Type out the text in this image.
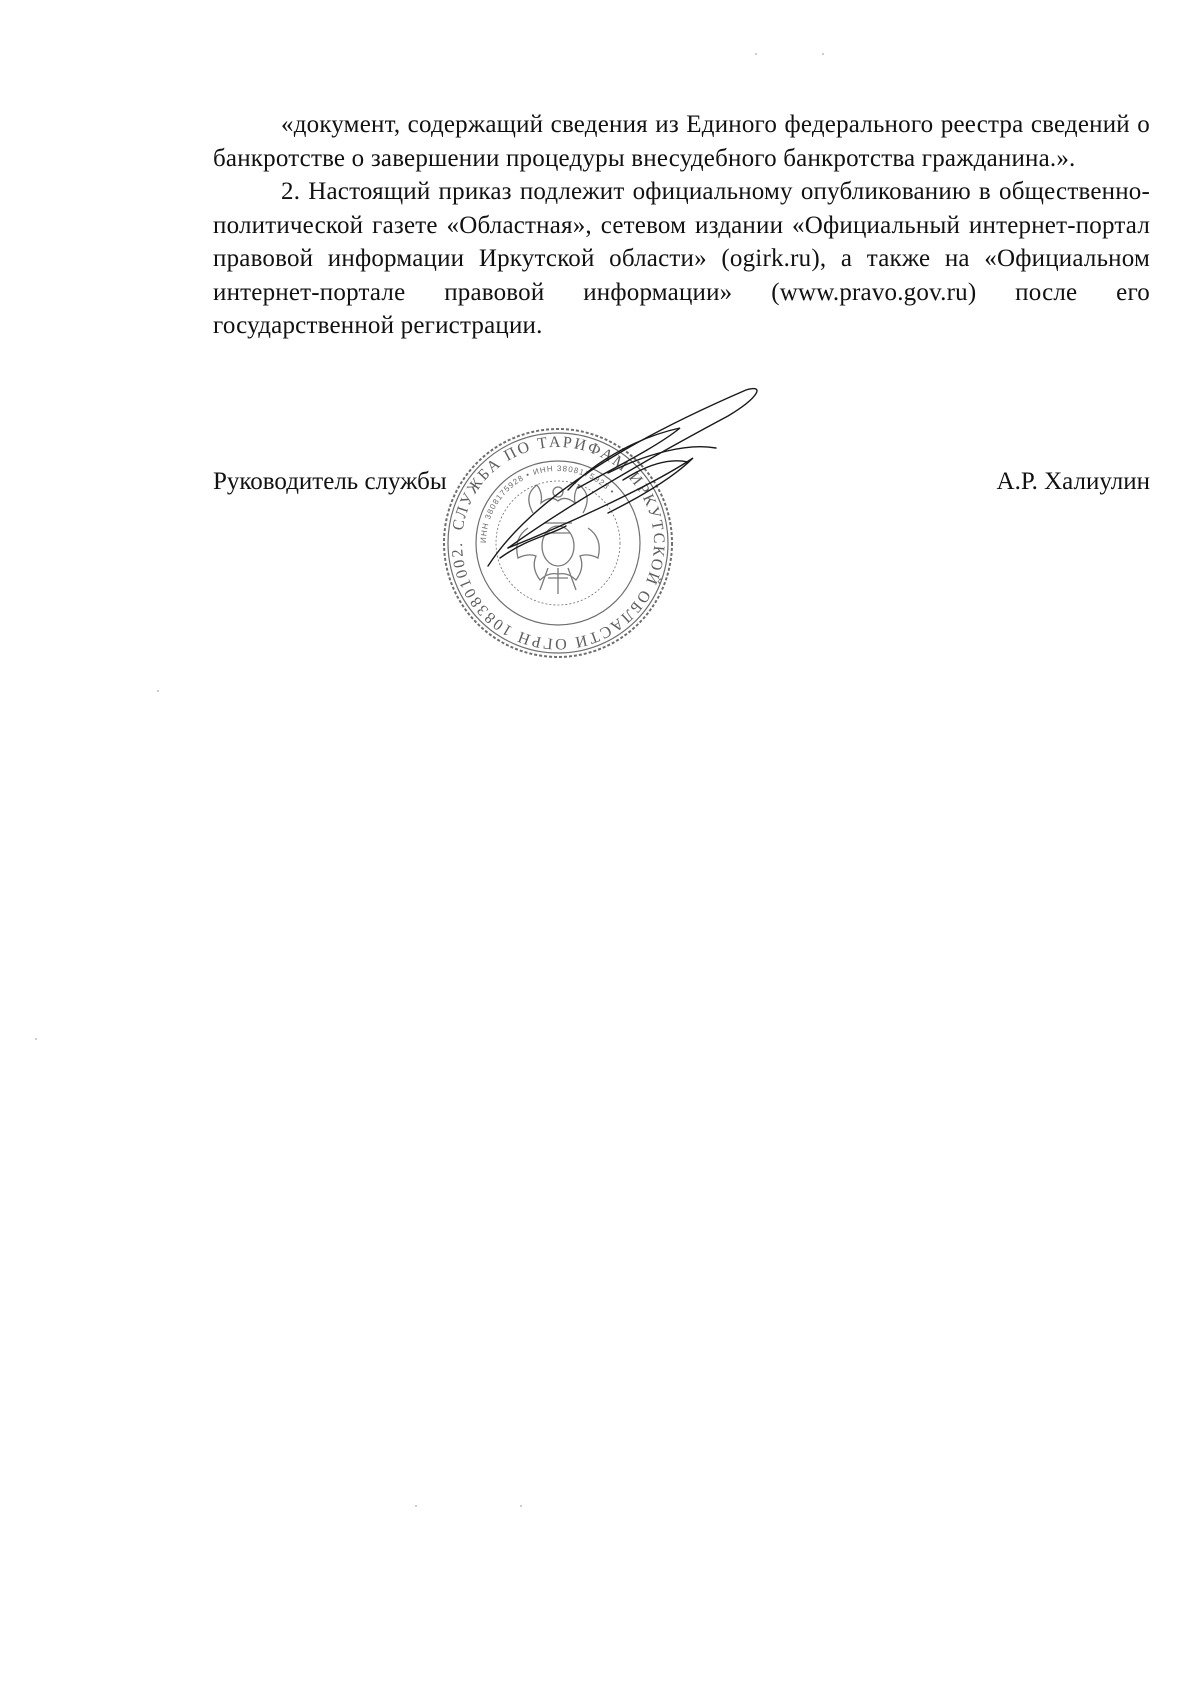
«документ, содержащий сведения из Единого федерального реестра сведений о банкротстве о завершении процедуры внесудебного банкротства гражданина.».

2. Настоящий приказ подлежит официальному опубликованию в общественно-политической газете «Областная», сетевом издании «Официальный интернет-портал правовой информации Иркутской области» (ogirk.ru), а также на «Официальном интернет-портале правовой информации» (www.pravo.gov.ru) после его государственной регистрации.

Руководитель службы	А.Р. Халиулин
СЛУЖБА ПО ТАРИФАМ ИРКУТСКОЙ ОБЛАСТИ ОГРН 1083801002...
ИНН 3808175928 • ИНН 3808175928 •
